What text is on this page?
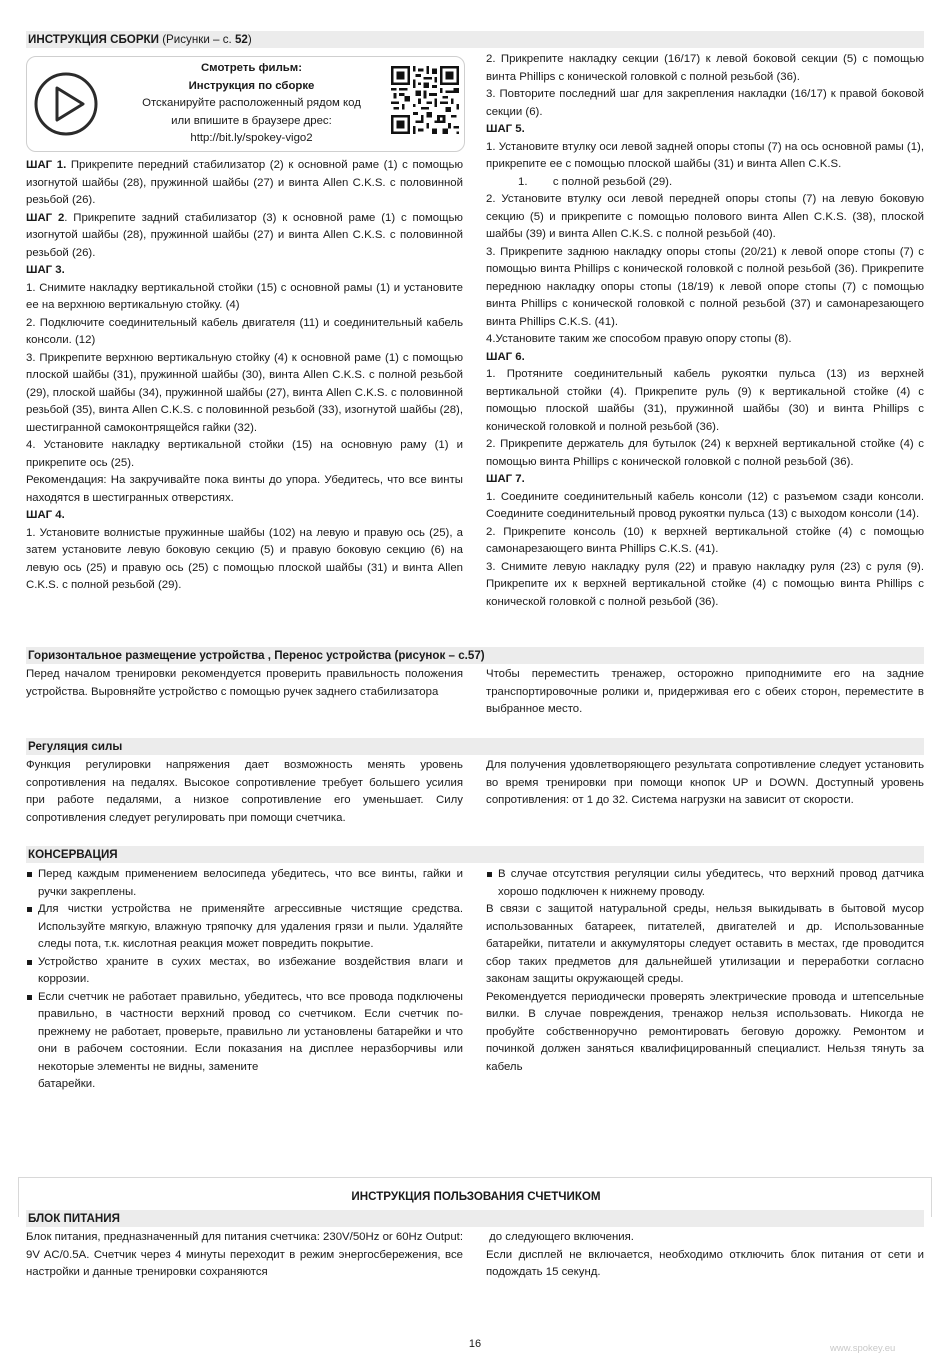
ИНСТРУКЦИЯ СБОРКИ (Рисунки – с. 52)
Смотреть фильм:
Инструкция по сборке
Отсканируйте расположенный рядом код
или впишите в браузере дрес:
http://bit.ly/spokey-vigo2

ШАГ 1. Прикрепите передний стабилизатор (2) к основной раме (1) с помощью изогнутой шайбы (28), пружинной шайбы (27) и винта Allen C.K.S. с половинной резьбой (26).

ШАГ 2. Прикрепите задний стабилизатор (3) к основной раме (1) с помощью изогнутой шайбы (28), пружинной шайбы (27) и винта Allen C.K.S. с половинной резьбой (26).

ШАГ 3.

1. Снимите накладку вертикальной стойки (15) с основной рамы (1) и установите ее на верхнюю вертикальную стойку. (4)

2. Подключите соединительный кабель двигателя (11) и соединительный кабель консоли. (12)

3. Прикрепите верхнюю вертикальную стойку (4) к основной раме (1) с помощью плоской шайбы (31), пружинной шайбы (30), винта Allen C.K.S. с полной резьбой (29), плоской шайбы (34), пружинной шайбы (27), винта Allen C.K.S. с половинной резьбой (35), винта Allen C.K.S. с половинной резьбой (33), изогнутой шайбы (28), шестигранной самоконтрящейся гайки (32).

4. Установите накладку вертикальной стойки (15) на основную раму (1) и прикрепите ось (25).

Рекомендация: На закручивайте пока винты до упора. Убедитесь, что все винты находятся в шестигранных отверстиях.

ШАГ 4.

1. Установите волнистые пружинные шайбы (102) на левую и правую ось (25), а затем установите левую боковую секцию (5) и правую боковую секцию (6) на левую ось (25) и правую ось (25) с помощью плоской шайбы (31) и винта Allen C.K.S. с полной резьбой (29).

2. Прикрепите накладку секции (16/17) к левой боковой секции (5) с помощью винта Phillips с конической головкой с полной резьбой (36).

3. Повторите последний шаг для закрепления накладки (16/17) к правой боковой секции (6).

ШАГ 5.

1. Установите втулку оси левой задней опоры стопы (7) на ось основной рамы (1), прикрепите ее с помощью плоской шайбы (31) и винта Allen C.K.S.

1.        с полной резьбой (29).

2. Установите втулку оси левой передней опоры стопы (7) на левую боковую секцию (5) и прикрепите с помощью полового винта Allen C.K.S. (38), плоской шайбы (39) и винта Allen C.K.S. с полной резьбой (40).

3. Прикрепите заднюю накладку опоры стопы (20/21) к левой опоре стопы (7) с помощью винта Phillips с конической головкой с полной резьбой (36). Прикрепите переднюю накладку опоры стопы (18/19) к левой опоре стопы (7) с помощью винта Phillips с конической головкой с полной резьбой (37) и самонарезающего винта Phillips C.K.S. (41).

4.Установите таким же способом правую опору стопы (8).

ШАГ 6.

1. Протяните соединительный кабель рукоятки пульса (13) из верхней вертикальной стойки (4). Прикрепите руль (9) к вертикальной стойке (4) с помощью плоской шайбы (31), пружинной шайбы (30) и винта Phillips с конической головкой и полной резьбой (36).

2. Прикрепите держатель для бутылок (24) к верхней вертикальной стойке (4) с помощью винта Phillips с конической головкой с полной резьбой (36).

ШАГ 7.

1. Соедините соединительный кабель консоли (12) с разъемом сзади консоли. Соедините соединительный провод рукоятки пульса (13) с выходом консоли (14).

2. Прикрепите консоль (10) к верхней вертикальной стойке (4) с помощью самонарезающего винта Phillips C.K.S. (41).

3. Снимите левую накладку руля (22) и правую накладку руля (23) с руля (9). Прикрепите их к верхней вертикальной стойке (4) с помощью винта Phillips с конической головкой с полной резьбой (36).

Горизонтальное размещение устройства , Перенос устройства (рисунок – с.57)

Перед началом тренировки рекомендуется проверить правильность положения устройства. Выровняйте устройство с помощью ручек заднего стабилизатора

Чтобы переместить тренажер, осторожно приподнимите его на задние транспортировочные ролики и, придерживая его с обеих сторон, переместите в выбранное место.

Регуляция силы

Функция регулировки напряжения дает возможность менять уровень сопротивления на педалях. Высокое сопротивление требует большего усилия при работе педалями, а низкое сопротивление его уменьшает. Силу сопротивления следует регулировать при помощи счетчика.

Для получения удовлетворяющего результата сопротивление следует установить во время тренировки при помощи кнопок UP и DOWN. Доступный уровень сопротивления: от 1 до 32. Система нагрузки на зависит от скорости.

КОНСЕРВАЦИЯ

Перед каждым применением велосипеда убедитесь, что все винты, гайки и ручки закреплены.

Для чистки устройства не применяйте агрессивные чистящие средства. Используйте мягкую, влажную тряпочку для удаления грязи и пыли. Удаляйте следы пота, т.к. кислотная реакция может повредить покрытие.

Устройство храните в сухих местах, во избежание воздействия влаги и коррозии.

Если счетчик не работает правильно, убедитесь, что все провода подключены правильно, в частности верхний провод со счетчиком. Если счетчик по-прежнему не работает, проверьте, правильно ли установлены батарейки и что они в рабочем состоянии. Если показания на дисплее неразборчивы или некоторые элементы не видны, замените

батарейки.

В случае отсутствия регуляции силы убедитесь, что верхний провод датчика хорошо подключен к нижнему проводу.

В связи с защитой натуральной среды, нельзя выкидывать в бытовой мусор использованных батареек, питателей, двигателей и др. Использованные батарейки, питатели и аккумуляторы следует оставить в местах, где проводится сбор таких предметов для дальнейшей утилизации и переработки согласно законам защиты окружающей среды.

Рекомендуется периодически проверять электрические провода и штепсельные вилки. В случае повреждения, тренажор нельзя использовать. Никогда не пробуйте собственноручно ремонтировать беговую дорожку. Ремонтом и починкой должен заняться квалифицированный специалист. Нельзя тянуть за кабель

ИНСТРУКЦИЯ ПОЛЬЗОВАНИЯ СЧЕТЧИКОМ
БЛОК ПИТАНИЯ

Блок питания, предназначенный для питания счетчика: 230V/50Hz or 60Hz Output: 9V AC/0.5A. Счетчик через 4 минуты переходит в режим энергосбережения, все настройки и данные тренировки сохраняются

до следующего включения.

Если дисплей не включается, необходимо отключить блок питания от сети и подождать 15 секунд.

16	www.spokey.eu
